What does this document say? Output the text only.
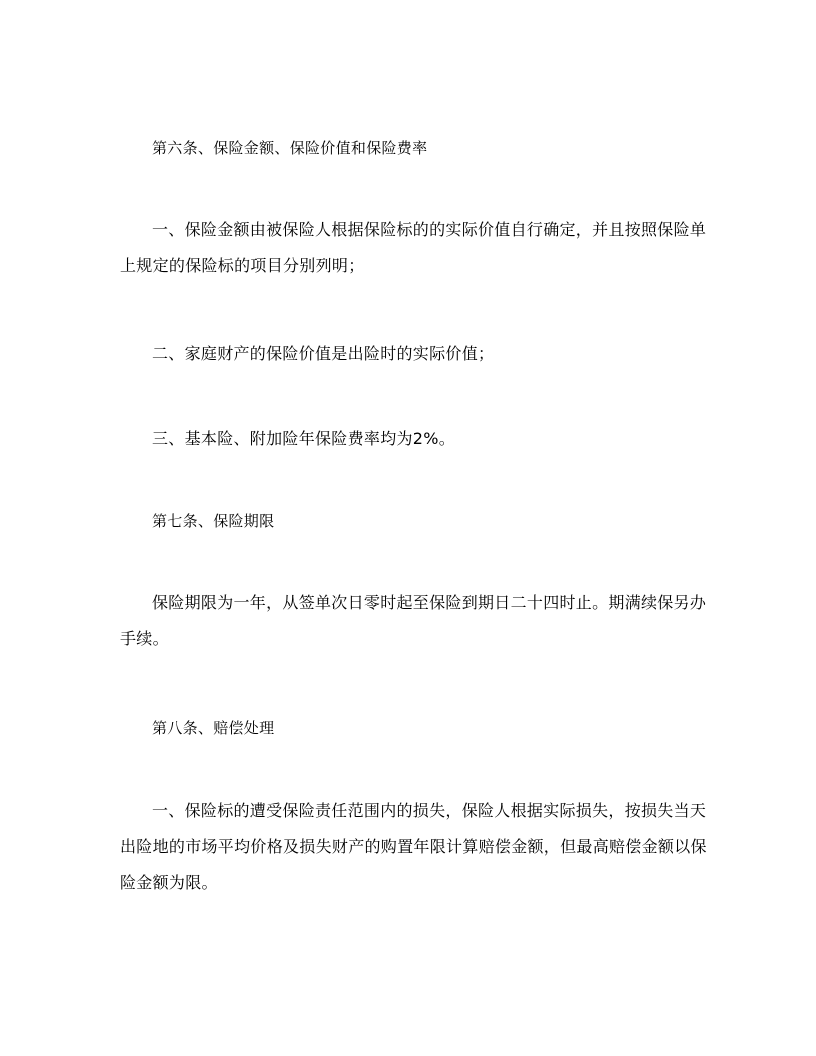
第六条、保险金额、保险价值和保险费率

一、保险金额由被保险人根据保险标的的实际价值自行确定，并且按照保险单上规定的保险标的项目分别列明；

二、家庭财产的保险价值是出险时的实际价值；

三、基本险、附加险年保险费率均为2%。

第七条、保险期限

保险期限为一年，从签单次日零时起至保险到期日二十四时止。期满续保另办手续。

第八条、赔偿处理

一、保险标的遭受保险责任范围内的损失，保险人根据实际损失，按损失当天出险地的市场平均价格及损失财产的购置年限计算赔偿金额，但最高赔偿金额以保险金额为限。
